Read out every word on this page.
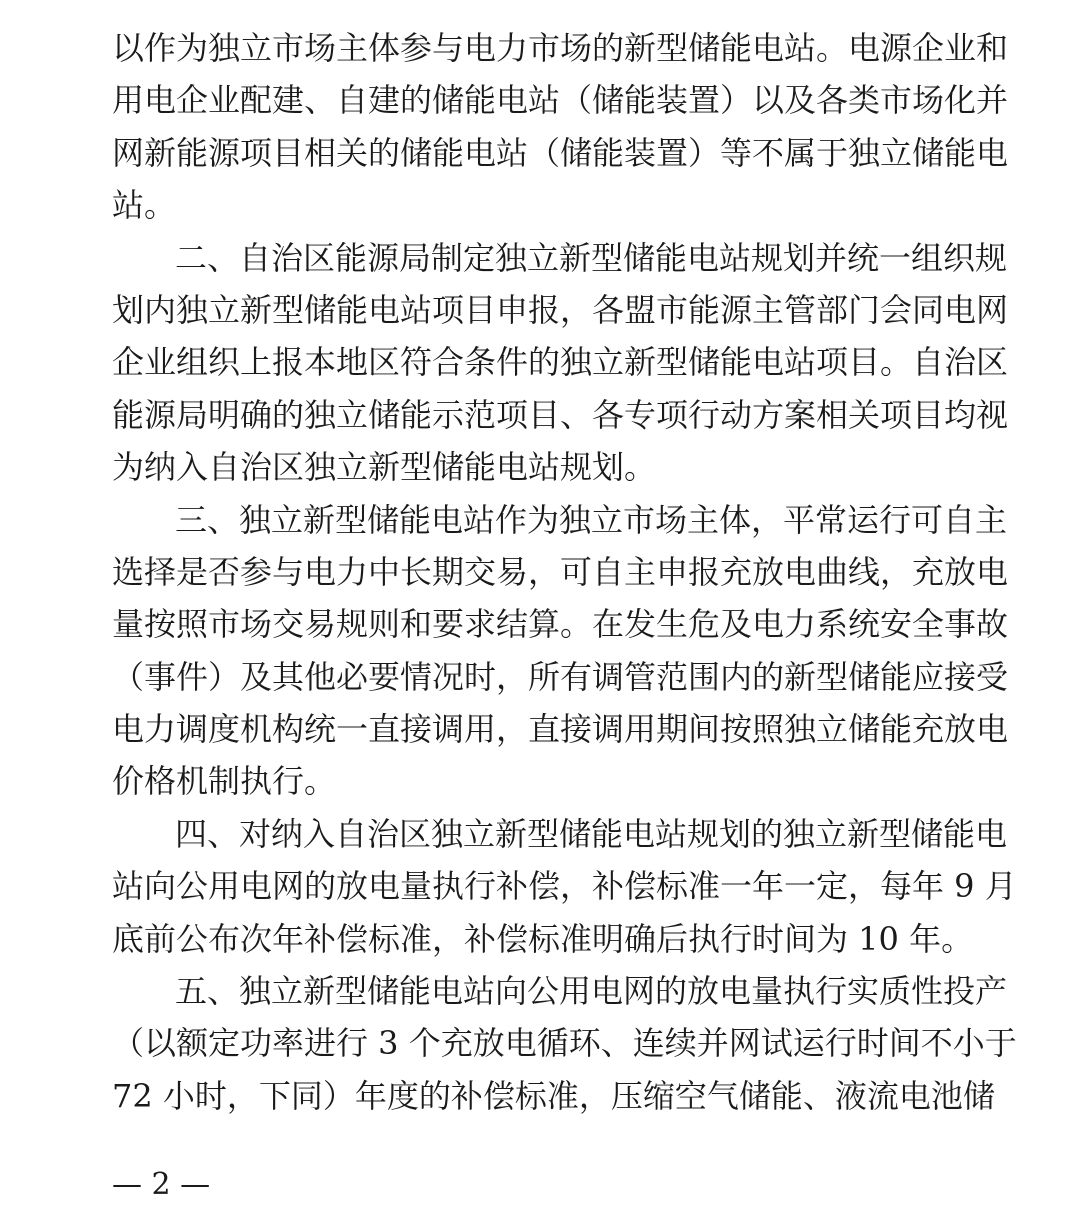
以作为独立市场主体参与电力市场的新型储能电站。电源企业和
用电企业配建、自建的储能电站（储能装置）以及各类市场化并
网新能源项目相关的储能电站（储能装置）等不属于独立储能电
站。
二、自治区能源局制定独立新型储能电站规划并统一组织规
划内独立新型储能电站项目申报，各盟市能源主管部门会同电网
企业组织上报本地区符合条件的独立新型储能电站项目。自治区
能源局明确的独立储能示范项目、各专项行动方案相关项目均视
为纳入自治区独立新型储能电站规划。
三、独立新型储能电站作为独立市场主体，平常运行可自主
选择是否参与电力中长期交易，可自主申报充放电曲线，充放电
量按照市场交易规则和要求结算。在发生危及电力系统安全事故
（事件）及其他必要情况时，所有调管范围内的新型储能应接受
电力调度机构统一直接调用，直接调用期间按照独立储能充放电
价格机制执行。
四、对纳入自治区独立新型储能电站规划的独立新型储能电
站向公用电网的放电量执行补偿，补偿标准一年一定，每年 9 月
底前公布次年补偿标准，补偿标准明确后执行时间为 10 年。
五、独立新型储能电站向公用电网的放电量执行实质性投产
（以额定功率进行 3 个充放电循环、连续并网试运行时间不小于
72 小时，下同）年度的补偿标准，压缩空气储能、液流电池储
— 2 —
